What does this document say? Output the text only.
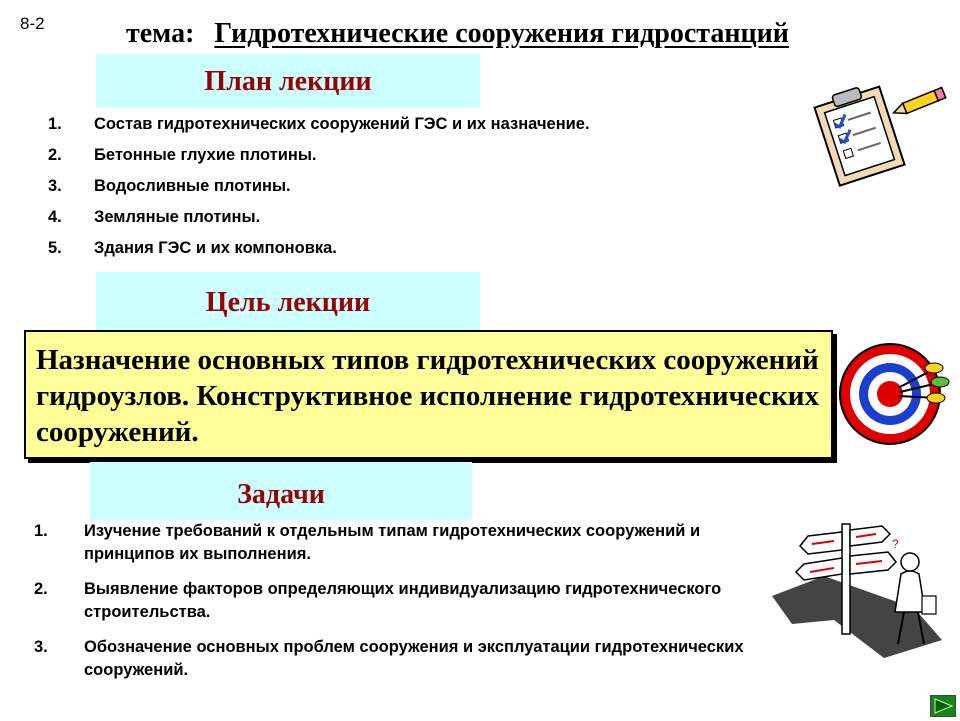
8-2	тема: Гидротехнические сооружения гидростанций
План лекции
1. Состав гидротехнических сооружений ГЭС и их назначение.
2. Бетонные глухие плотины.
3. Водосливные плотины.
4. Земляные плотины.
5. Здания ГЭС и их компоновка.
Цель лекции
Назначение основных типов гидротехнических сооружений гидроузлов. Конструктивное исполнение гидротехнических сооружений.
Задачи
1. Изучение требований к отдельным типам гидротехнических сооружений и принципов их выполнения.
2. Выявление факторов определяющих индивидуализацию гидротехнического строительства.
3. Обозначение основных проблем сооружения и эксплуатации гидротехнических сооружений.
?
